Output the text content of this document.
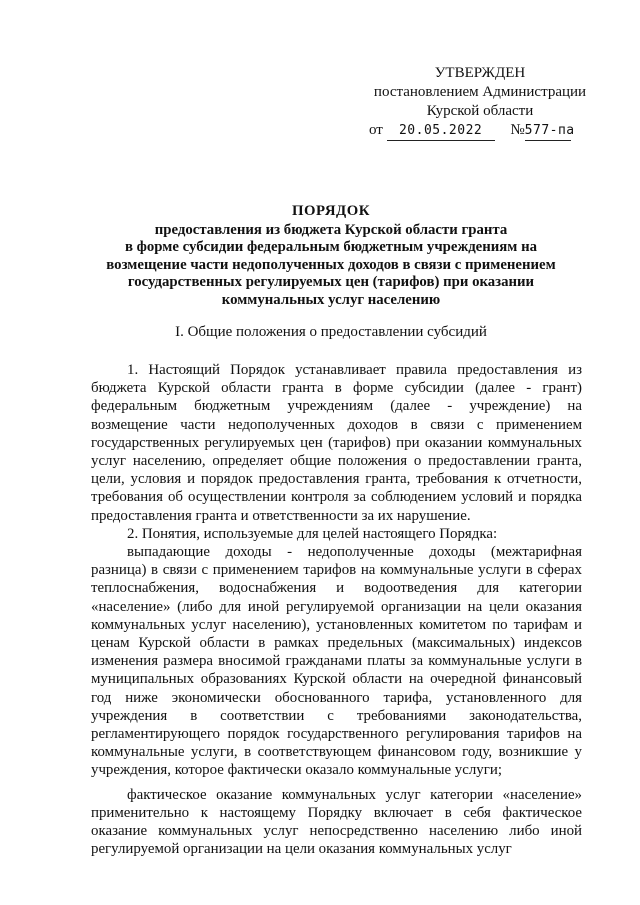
УТВЕРЖДЕН
постановлением Администрации
Курской области
от 20.05.2022 №577-па
ПОРЯДОК
предоставления из бюджета Курской области гранта
в форме субсидии федеральным бюджетным учреждениям на
возмещение части недополученных доходов в связи с применением
государственных регулируемых цен (тарифов) при оказании
коммунальных услуг населению
I. Общие положения о предоставлении субсидий

1. Настоящий Порядок устанавливает правила предоставления из бюджета Курской области гранта в форме субсидии (далее - грант) федеральным бюджетным учреждениям (далее - учреждение) на возмещение части недополученных доходов в связи с применением государственных регулируемых цен (тарифов) при оказании коммунальных услуг населению, определяет общие положения о предоставлении гранта, цели, условия и порядок предоставления гранта, требования к отчетности, требования об осуществлении контроля за соблюдением условий и порядка предоставления гранта и ответственности за их нарушение.

2. Понятия, используемые для целей настоящего Порядка:

выпадающие доходы - недополученные доходы (межтарифная разница) в связи с применением тарифов на коммунальные услуги в сферах теплоснабжения, водоснабжения и водоотведения для категории «население» (либо для иной регулируемой организации на цели оказания коммунальных услуг населению), установленных комитетом по тарифам и ценам Курской области в рамках предельных (максимальных) индексов изменения размера вносимой гражданами платы за коммунальные услуги в муниципальных образованиях Курской области на очередной финансовый год ниже экономически обоснованного тарифа, установленного для учреждения в соответствии с требованиями законодательства, регламентирующего порядок государственного регулирования тарифов на коммунальные услуги, в соответствующем финансовом году, возникшие у учреждения, которое фактически оказало коммунальные услуги;

фактическое оказание коммунальных услуг категории «население» применительно к настоящему Порядку включает в себя фактическое оказание коммунальных услуг непосредственно населению либо иной регулируемой организации на цели оказания коммунальных услуг
